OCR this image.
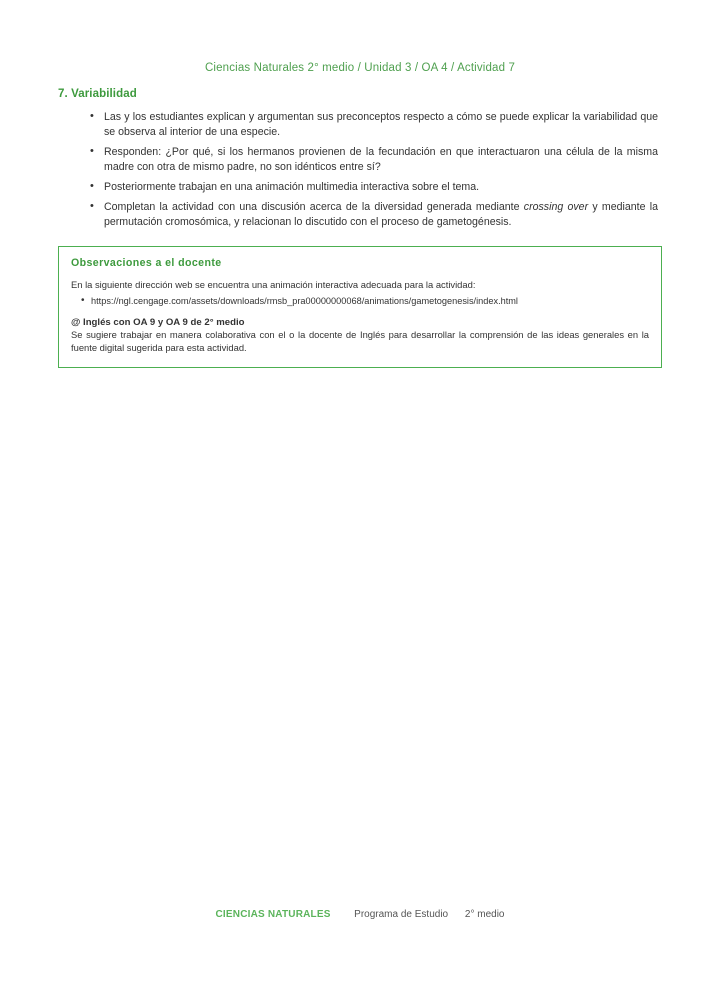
Ciencias Naturales 2° medio / Unidad 3 / OA 4 / Actividad 7
7. Variabilidad
• Las y los estudiantes explican y argumentan sus preconceptos respecto a cómo se puede explicar la variabilidad que se observa al interior de una especie.
• Responden: ¿Por qué, si los hermanos provienen de la fecundación en que interactuaron una célula de la misma madre con otra de mismo padre, no son idénticos entre sí?
• Posteriormente trabajan en una animación multimedia interactiva sobre el tema.
• Completan la actividad con una discusión acerca de la diversidad generada mediante crossing over y mediante la permutación cromosómica, y relacionan lo discutido con el proceso de gametogénesis.
Observaciones a el docente
En la siguiente dirección web se encuentra una animación interactiva adecuada para la actividad:
• https://ngl.cengage.com/assets/downloads/rmsb_pra00000000068/animations/gametogenesis/index.html
@ Inglés con OA 9 y OA 9 de 2° medio
Se sugiere trabajar en manera colaborativa con el o la docente de Inglés para desarrollar la comprensión de las ideas generales en la fuente digital sugerida para esta actividad.
CIENCIAS NATURALES Programa de Estudio 2° medio
